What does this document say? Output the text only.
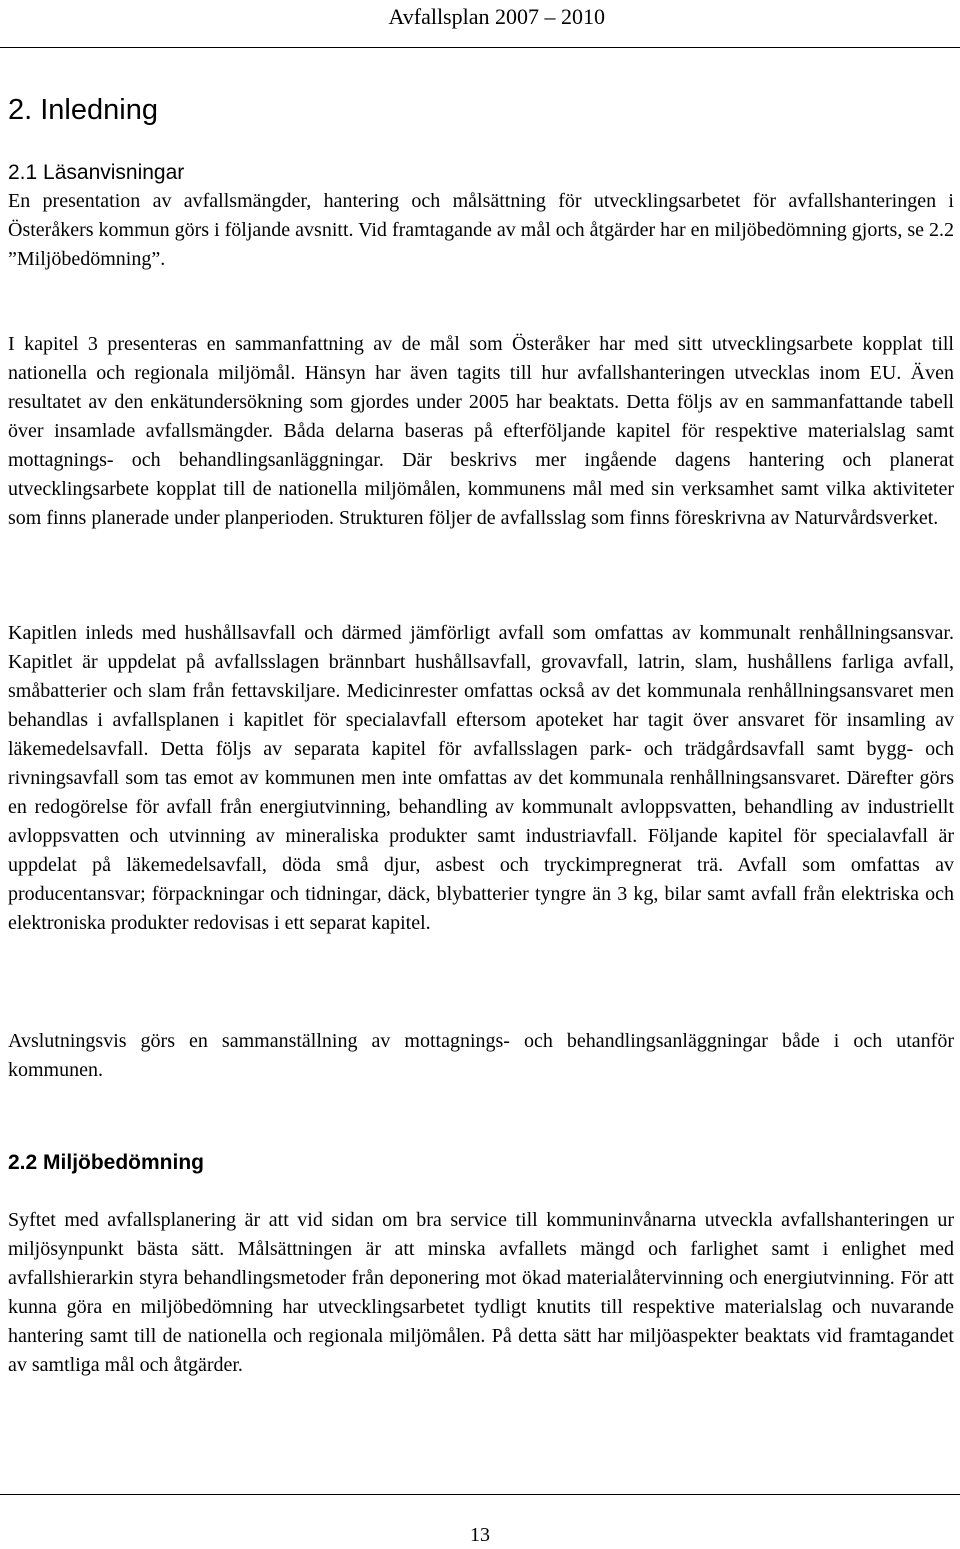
Avfallsplan 2007 – 2010
2. Inledning
2.1 Läsanvisningar

En presentation av avfallsmängder, hantering och målsättning för utvecklingsarbetet för avfallshanteringen i Österåkers kommun görs i följande avsnitt. Vid framtagande av mål och åtgärder har en miljöbedömning gjorts, se 2.2 ”Miljöbedömning”.

I kapitel 3 presenteras en sammanfattning av de mål som Österåker har med sitt utvecklingsarbete kopplat till nationella och regionala miljömål. Hänsyn har även tagits till hur avfallshanteringen utvecklas inom EU. Även resultatet av den enkätundersökning som gjordes under 2005 har beaktats. Detta följs av en sammanfattande tabell över insamlade avfallsmängder. Båda delarna baseras på efterföljande kapitel för respektive materialslag samt mottagnings- och behandlingsanläggningar. Där beskrivs mer ingående dagens hantering och planerat utvecklingsarbete kopplat till de nationella miljömålen, kommunens mål med sin verksamhet samt vilka aktiviteter som finns planerade under planperioden. Strukturen följer de avfallsslag som finns föreskrivna av Naturvårdsverket.

Kapitlen inleds med hushållsavfall och därmed jämförligt avfall som omfattas av kommunalt renhållningsansvar. Kapitlet är uppdelat på avfallsslagen brännbart hushållsavfall, grovavfall, latrin, slam, hushållens farliga avfall, småbatterier och slam från fettavskiljare. Medicinrester omfattas också av det kommunala renhållningsansvaret men behandlas i avfallsplanen i kapitlet för specialavfall eftersom apoteket har tagit över ansvaret för insamling av läkemedelsavfall. Detta följs av separata kapitel för avfallsslagen park- och trädgårdsavfall samt bygg- och rivningsavfall som tas emot av kommunen men inte omfattas av det kommunala renhållningsansvaret. Därefter görs en redogörelse för avfall från energiutvinning, behandling av kommunalt avloppsvatten, behandling av industriellt avloppsvatten och utvinning av mineraliska produkter samt industriavfall. Följande kapitel för specialavfall är uppdelat på läkemedelsavfall, döda små djur, asbest och tryckimpregnerat trä. Avfall som omfattas av producentansvar; förpackningar och tidningar, däck, blybatterier tyngre än 3 kg, bilar samt avfall från elektriska och elektroniska produkter redovisas i ett separat kapitel.

Avslutningsvis görs en sammanställning av mottagnings- och behandlingsanläggningar både i och utanför kommunen.

2.2 Miljöbedömning

Syftet med avfallsplanering är att vid sidan om bra service till kommuninvånarna utveckla avfallshanteringen ur miljösynpunkt bästa sätt. Målsättningen är att minska avfallets mängd och farlighet samt i enlighet med avfallshierarkin styra behandlingsmetoder från deponering mot ökad materialåtervinning och energiutvinning. För att kunna göra en miljöbedömning har utvecklingsarbetet tydligt knutits till respektive materialslag och nuvarande hantering samt till de nationella och regionala miljömålen. På detta sätt har miljöaspekter beaktats vid framtagandet av samtliga mål och åtgärder.

13
